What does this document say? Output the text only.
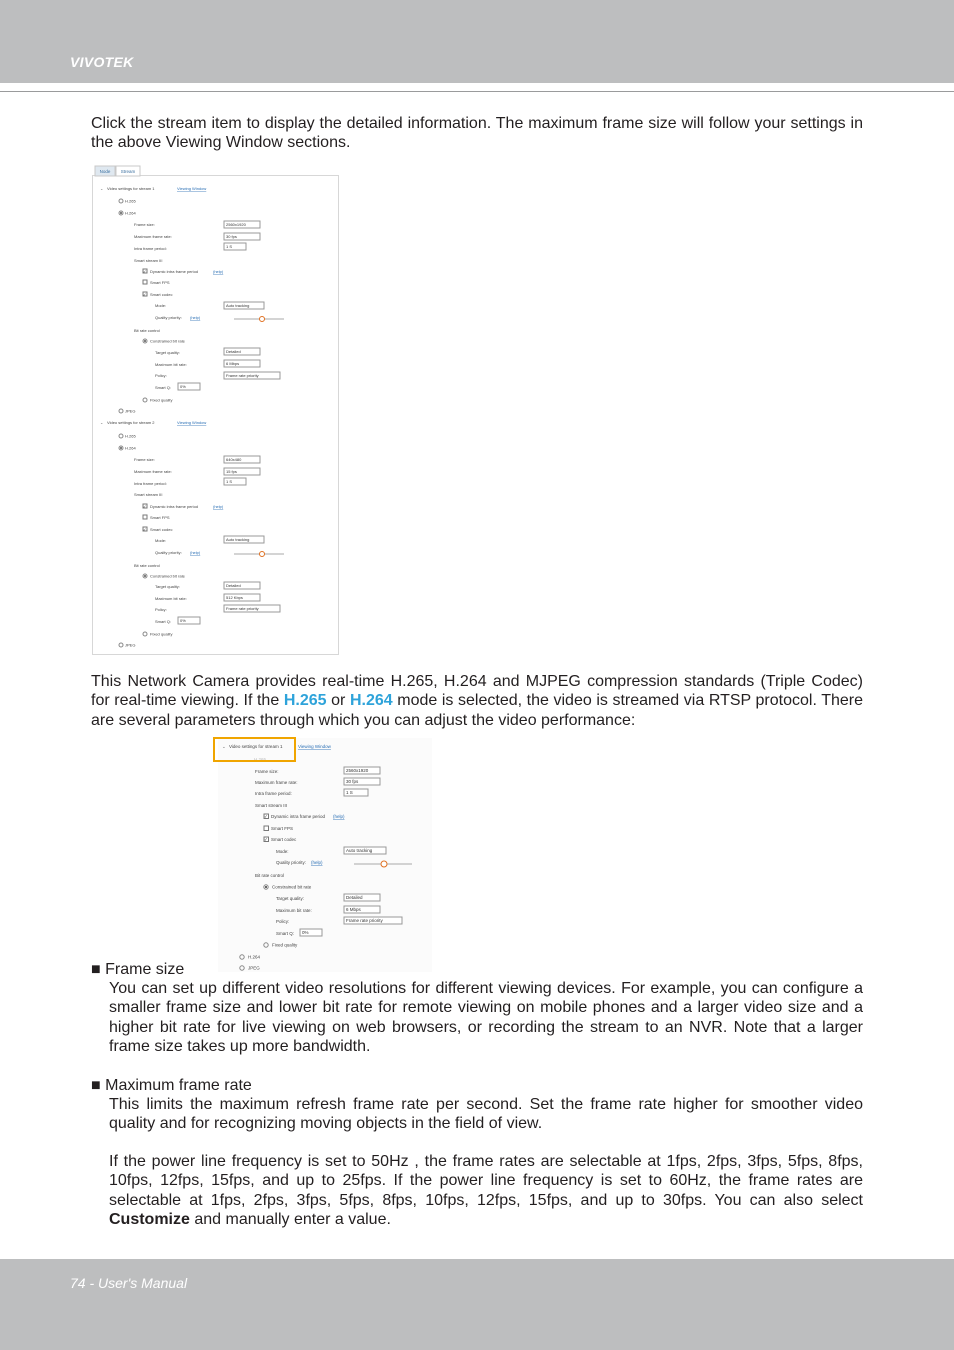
VIVOTEK

Click the stream item to display the detailed information. The maximum frame size will follow your settings in the above Viewing Window sections.

Node Stream
⌄ Video settings for stream 1	Viewing Window
H.265
H.264
Frame size:	2560x1920
Maximum frame rate:	30 fps
Intra frame period:	1 S
Smart stream III
✓ Dynamic intra frame period	(help)
Smart FPS
✓ Smart codec
Mode:	Auto tracking
Quality priority: (help)
Bit rate control
Constrained bit rate
Target quality:	Detailed
Maximum bit rate:	6 Mbps
Policy:	Frame rate priority
Smart Q: 0%
Fixed quality
JPEG
⌄ Video settings for stream 2	Viewing Window
H.265
H.264
Frame size:	640x480
Maximum frame rate:	15 fps
Intra frame period:	1 S
Smart stream III
✓ Dynamic intra frame period	(help)
Smart FPS
✓ Smart codec
Mode:	Auto tracking
Quality priority: (help)
Bit rate control
Constrained bit rate
Target quality:	Detailed
Maximum bit rate:	512 Kbps
Policy:	Frame rate priority
Smart Q: 0%
Fixed quality
JPEG

This Network Camera provides real-time H.265, H.264 and MJPEG compression standards (Triple Codec) for real-time viewing. If the H.265 or H.264 mode is selected, the video is streamed via RTSP protocol. There are several parameters through which you can adjust the video performance:

⌄ Video settings for stream 1	Viewing Window
H.265
Frame size:	2560x1920
Maximum frame rate:	30 fps
Intra frame period:	1 S
Smart stream III
✓ Dynamic intra frame period (help)
Smart FPS
✓ Smart codec
Mode:	Auto tracking
Quality priority: (help)
Bit rate control
Constrained bit rate
Target quality:	Detailed
Maximum bit rate:	6 Mbps
Policy:	Frame rate priority
Smart Q: 0%
Fixed quality
H.264
JPEG
■ Frame size

You can set up different video resolutions for different viewing devices. For example, you can configure a smaller frame size and lower bit rate for remote viewing on mobile phones and a larger video size and a higher bit rate for live viewing on web browsers, or recording the stream to an NVR. Note that a larger frame size takes up more bandwidth.

■ Maximum frame rate

This limits the maximum refresh frame rate per second. Set the frame rate higher for smoother video quality and for recognizing moving objects in the field of view.

If the power line frequency is set to 50Hz , the frame rates are selectable at 1fps, 2fps, 3fps, 5fps, 8fps, 10fps, 12fps, 15fps, and up to 25fps. If the power line frequency is set to 60Hz, the frame rates are selectable at 1fps, 2fps, 3fps, 5fps, 8fps, 10fps, 12fps, 15fps, and up to 30fps. You can also select Customize and manually enter a value.

74 - User's Manual
